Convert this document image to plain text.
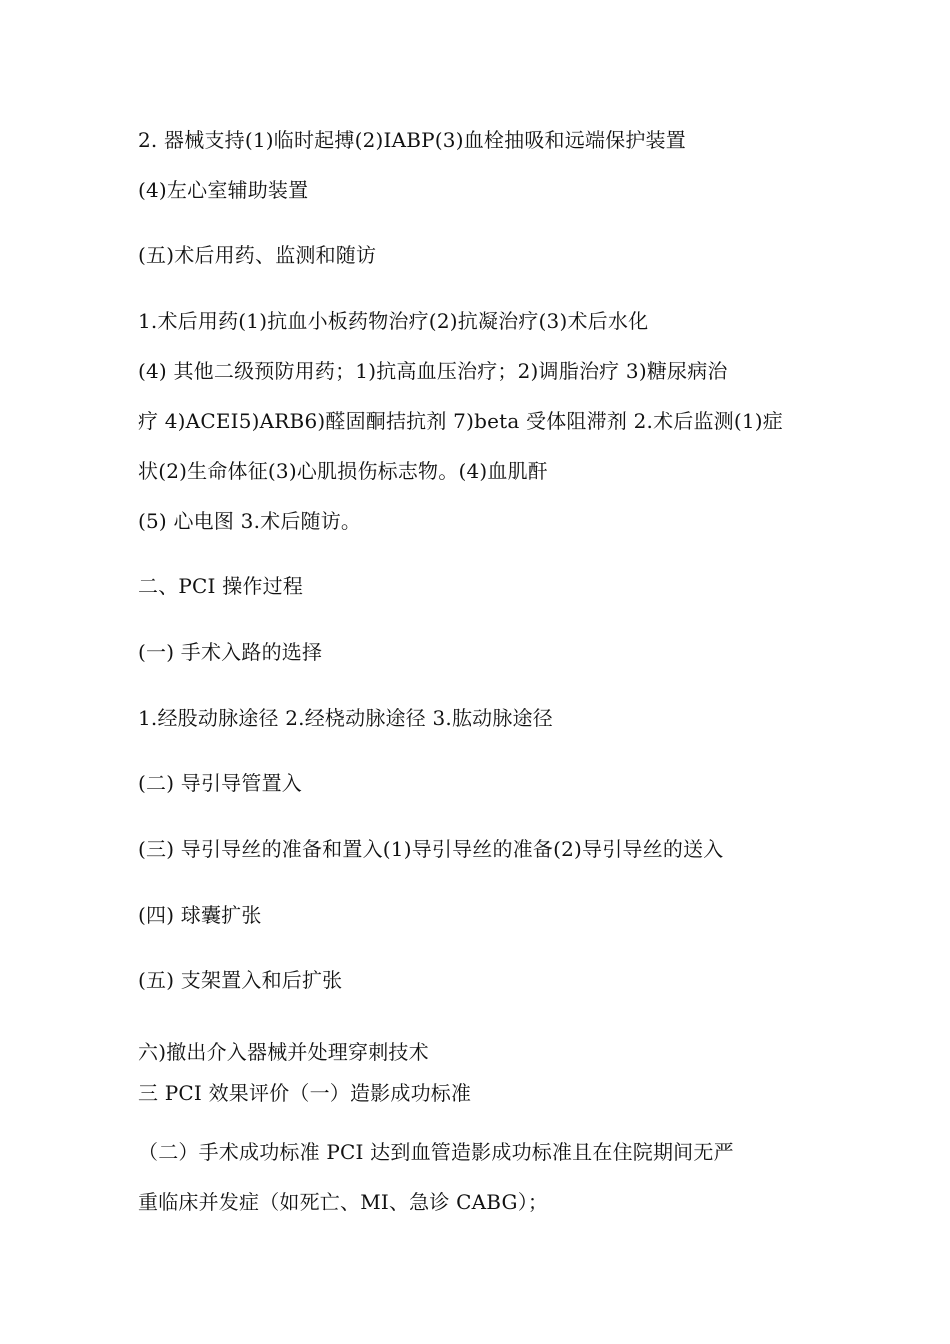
2. 器械支持(1)临时起搏(2)IABP(3)血栓抽吸和远端保护装置
(4)左心室辅助装置
(五)术后用药、监测和随访
1.术后用药(1)抗血小板药物治疗(2)抗凝治疗(3)术后水化
(4) 其他二级预防用药；1)抗高血压治疗；2)调脂治疗 3)糖尿病治
疗 4)ACEI5)ARB6)醛固酮拮抗剂 7)beta 受体阻滞剂 2.术后监测(1)症
状(2)生命体征(3)心肌损伤标志物。(4)血肌酐
(5) 心电图 3.术后随访。
二、PCI 操作过程
(一) 手术入路的选择
1.经股动脉途径 2.经桡动脉途径 3.肱动脉途径
(二) 导引导管置入
(三) 导引导丝的准备和置入(1)导引导丝的准备(2)导引导丝的送入
(四) 球囊扩张
(五) 支架置入和后扩张
六)撤出介入器械并处理穿刺技术
三 PCI 效果评价（一）造影成功标准
（二）手术成功标准 PCI 达到血管造影成功标准且在住院期间无严
重临床并发症（如死亡、MI、急诊 CABG）；
